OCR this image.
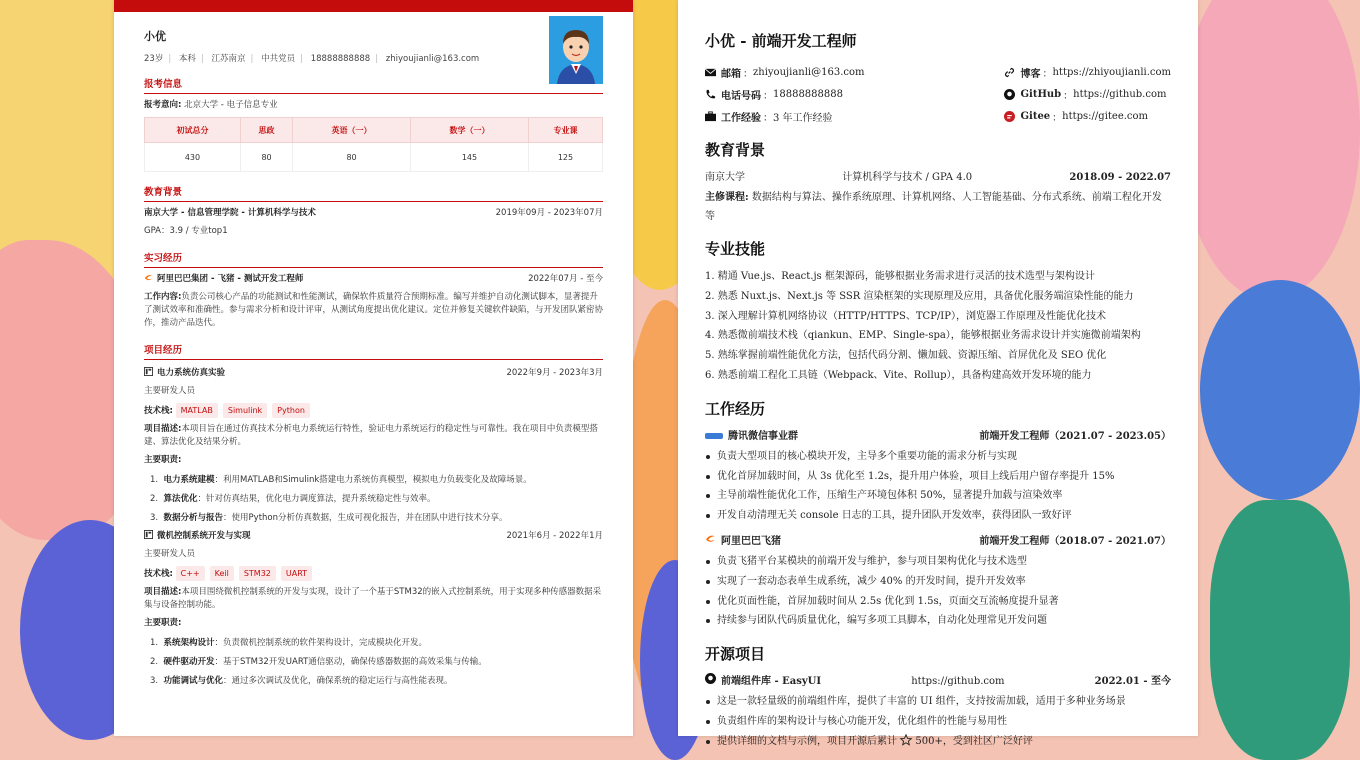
小优
23岁 | 本科 | 江苏南京 | 中共党员 | 18888888888 | zhiyoujianli@163.com
报考信息
报考意向: 北京大学 - 电子信息专业
初试总分	思政	英语（一）	数学（一）	专业课
430	80	80	145	125
教育背景
南京大学 - 信息管理学院 - 计算机科学与技术	2019年09月 - 2023年07月
GPA：3.9 / 专业top1
实习经历
阿里巴巴集团 - 飞猪 - 测试开发工程师	2022年07月 - 至今
工作内容:负责公司核心产品的功能测试和性能测试，确保软件质量符合预期标准。编写并维护自动化测试脚本，显著提升了测试效率和准确性。参与需求分析和设计评审，从测试角度提出优化建议。定位并修复关键软件缺陷，与开发团队紧密协作，推动产品迭代。
项目经历
电力系统仿真实验	2022年9月 - 2023年3月
主要研发人员
技术栈: MATLAB Simulink Python
项目描述:本项目旨在通过仿真技术分析电力系统运行特性，验证电力系统运行的稳定性与可靠性。我在项目中负责模型搭建、算法优化及结果分析。
主要职责:
1.  电力系统建模：利用MATLAB和Simulink搭建电力系统仿真模型，模拟电力负载变化及故障场景。
2.  算法优化：针对仿真结果，优化电力调度算法，提升系统稳定性与效率。
3.  数据分析与报告：使用Python分析仿真数据，生成可视化报告，并在团队中进行技术分享。
微机控制系统开发与实现	2021年6月 - 2022年1月
主要研发人员
技术栈: C++ Keil STM32 UART
项目描述:本项目围绕微机控制系统的开发与实现，设计了一个基于STM32的嵌入式控制系统，用于实现多种传感器数据采集与设备控制功能。
主要职责:
1.  系统架构设计：负责微机控制系统的软件架构设计，完成模块化开发。
2.  硬件驱动开发：基于STM32开发UART通信驱动，确保传感器数据的高效采集与传输。
3.  功能调试与优化：通过多次调试及优化，确保系统的稳定运行与高性能表现。
小优 - 前端开发工程师
邮箱 ： zhiyoujianli@163.com
电话号码 ： 18888888888
工作经验 ： 3 年工作经验
博客 ： https://zhiyoujianli.com
GitHub ： https://github.com
Gitee ： https://gitee.com
教育背景
南京大学	计算机科学与技术 / GPA 4.0	2018.09 - 2022.07
主修课程: 数据结构与算法、操作系统原理、计算机网络、人工智能基础、分布式系统、前端工程化开发等
专业技能
1. 精通 Vue.js、React.js 框架源码，能够根据业务需求进行灵活的技术选型与架构设计
2. 熟悉 Nuxt.js、Next.js 等 SSR 渲染框架的实现原理及应用，具备优化服务端渲染性能的能力
3. 深入理解计算机网络协议（HTTP/HTTPS、TCP/IP），浏览器工作原理及性能优化技术
4. 熟悉微前端技术栈（qiankun、EMP、Single-spa），能够根据业务需求设计并实施微前端架构
5. 熟练掌握前端性能优化方法，包括代码分割、懒加载、资源压缩、首屏优化及 SEO 优化
6. 熟悉前端工程化工具链（Webpack、Vite、Rollup），具备构建高效开发环境的能力
工作经历
腾讯微信事业群	前端开发工程师（2021.07 - 2023.05）
负责大型项目的核心模块开发，主导多个重要功能的需求分析与实现
优化首屏加载时间，从 3s 优化至 1.2s，提升用户体验，项目上线后用户留存率提升 15%
主导前端性能优化工作，压缩生产环境包体积 50%，显著提升加载与渲染效率
开发自动清理无关 console 日志的工具，提升团队开发效率，获得团队一致好评
阿里巴巴飞猪	前端开发工程师（2018.07 - 2021.07）
负责飞猪平台某模块的前端开发与维护，参与项目架构优化与技术选型
实现了一套动态表单生成系统，减少 40% 的开发时间，提升开发效率
优化页面性能，首屏加载时间从 2.5s 优化到 1.5s，页面交互流畅度提升显著
持续参与团队代码质量优化，编写多项工具脚本，自动化处理常见开发问题
开源项目
前端组件库 - EasyUI	https://github.com	2022.01 - 至今
这是一款轻量级的前端组件库，提供了丰富的 UI 组件，支持按需加载，适用于多种业务场景
负责组件库的架构设计与核心功能开发，优化组件的性能与易用性
提供详细的文档与示例，项目开源后累计 500+，受到社区广泛好评
